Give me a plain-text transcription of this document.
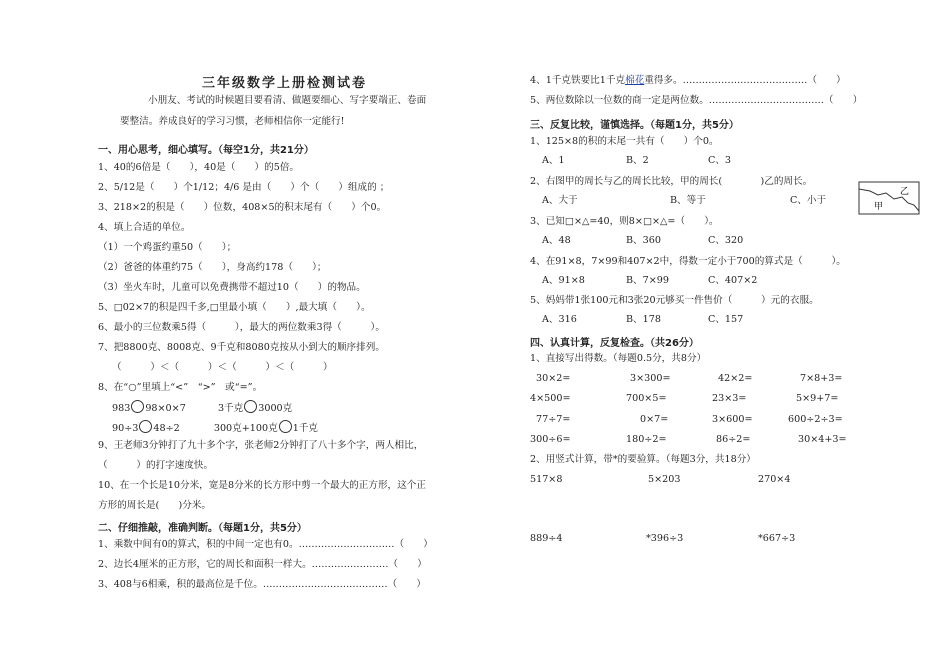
三年级数学上册检测试卷
小朋友、考试的时候题目要看清、做题要细心、写字要端正、卷面
要整洁。养成良好的学习习惯，老师相信你一定能行!
一、用心思考，细心填写。（每空1分，共21分）
1、40的6倍是（　　），40是（　　）的5倍。
2、5/12是（　　）个1/12；4/6 是由（　　）个（　　）组成的 ；
3、218×2的积是（　　）位数，408×5的积末尾有（　　）个0。
4、填上合适的单位。
（1）一个鸡蛋约重50（　　）；
（2）爸爸的体重约75（　　），身高约178（　　）；
（3）坐火车时，儿童可以免费携带不超过10（　　）的物品。
5、□02×7的积是四千多,□里最小填（　　）,最大填（　　）。
6、最小的三位数乘5得（　　　），最大的两位数乘3得（　　　）。
7、把8800克、8008克、9千克和8080克按从小到大的顺序排列。
（　　　）＜（　　　）＜（　　　）＜（　　　）
8、在“○”里填上“<”　“>”　或“=”。
983 98×0×7	3千克 3000克
90÷3 48÷2	300克+100克 1千克
9、王老师3分钟打了九十多个字，张老师2分钟打了八十多个字，两人相比，
（　　　）的打字速度快。
10、在一个长是10分米，宽是8分米的长方形中剪一个最大的正方形，这个正
方形的周长是(　　)分米。
二、仔细推敲，准确判断。（每题1分，共5分）
1、乘数中间有0的算式，积的中间一定也有0。…………………………（　　）
2、边长4厘米的正方形，它的周长和面积一样大。……………………（　　）
3、408与6相乘，积的最高位是千位。…………………………………（　　）
4、1千克铁要比1千克棉花重得多。…………………………………（　　）
5、两位数除以一位数的商一定是两位数。………………………………（　　）
三、反复比较，谨慎选择。（每题1分，共5分）
1、125×8的积的末尾一共有（　　）个0。
A、1	B、2	C、3
2、右图甲的周长与乙的周长比较，甲的周长(　　　　)乙的周长。
A、大于	B、等于	C、小于
甲
乙
3、已知□×△=40，则8×□×△=（　　）。
A、48	B、360	C、320
4、在91×8，7×99和407×2中，得数一定小于700的算式是（　　　）。
A、91×8	B、7×99	C、407×2
5、妈妈带1张100元和3张20元够买一件售价（　　　）元的衣服。
A、316	B、178	C、157
四、认真计算，反复检查。（共26分）
1、直接写出得数。（每题0.5分，共8分）
30×2=	3×300=	42×2=	7×8+3=
4×500=	700×5=	23×3=	5×9+7=
77÷7=	0×7=	3×600=	600÷2÷3=
300÷6=	180÷2=	86÷2=	30×4+3=
2、用竖式计算，带*的要验算。（每题3分，共18分）
517×8	5×203	270×4
889÷4	*396÷3	*667÷3
